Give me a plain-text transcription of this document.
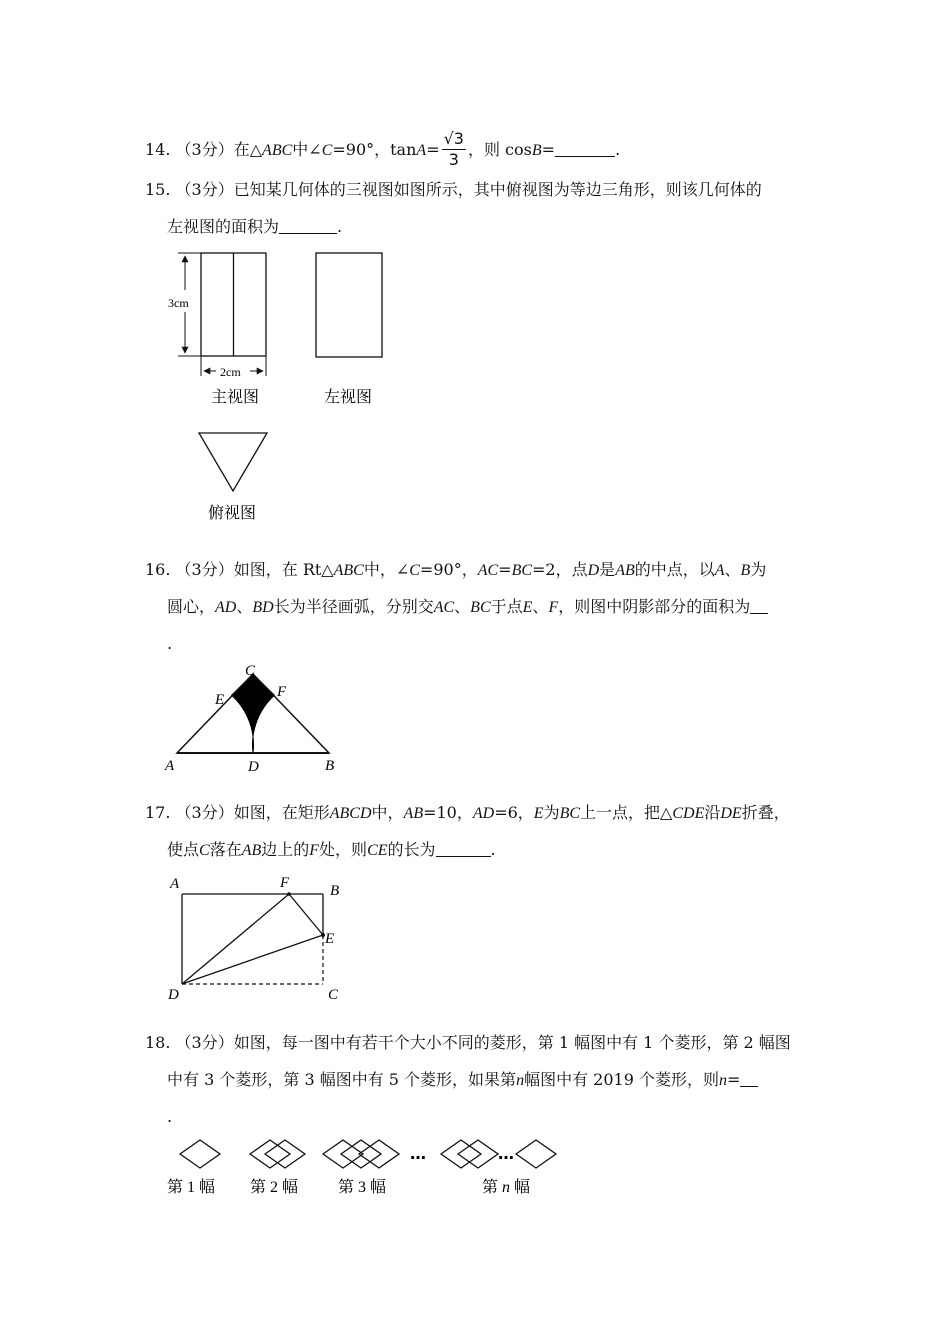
14. （3分）在△ABC中∠C=90°，$\tan A= \frac{√3}{3}$ ，则 cosB=	.
15. （3分）已知某几何体的三视图如图所示，其中俯视图为等边三角形，则该几何体的
左视图的面积为	.
3cm
2cm
主视图	左视图
俯视图
16. （3分）如图，在 Rt△ABC中，∠C=90°，AC=BC=2，点D是AB的中点，以A、B为
圆心，AD、BD长为半径画弧，分别交AC、BC于点E、F，则图中阴影部分的面积为
.
A	B
C
D
E	F
17. （3分）如图，在矩形ABCD中，AB=10，AD=6，E为BC上一点，把△CDE沿DE折叠，
使点C落在AB边上的F处，则CE的长为	.
A	B
C
D
E
F
18. （3分）如图，每一图中有若干个大小不同的菱形，第 1 幅图中有 1 个菱形，第 2 幅图
中有 3 个菱形，第 3 幅图中有 5 个菱形，如果第n幅图中有 2019 个菱形，则n=
.
…	…
第 1 幅 第 2 幅 第 3 幅	第 n 幅
